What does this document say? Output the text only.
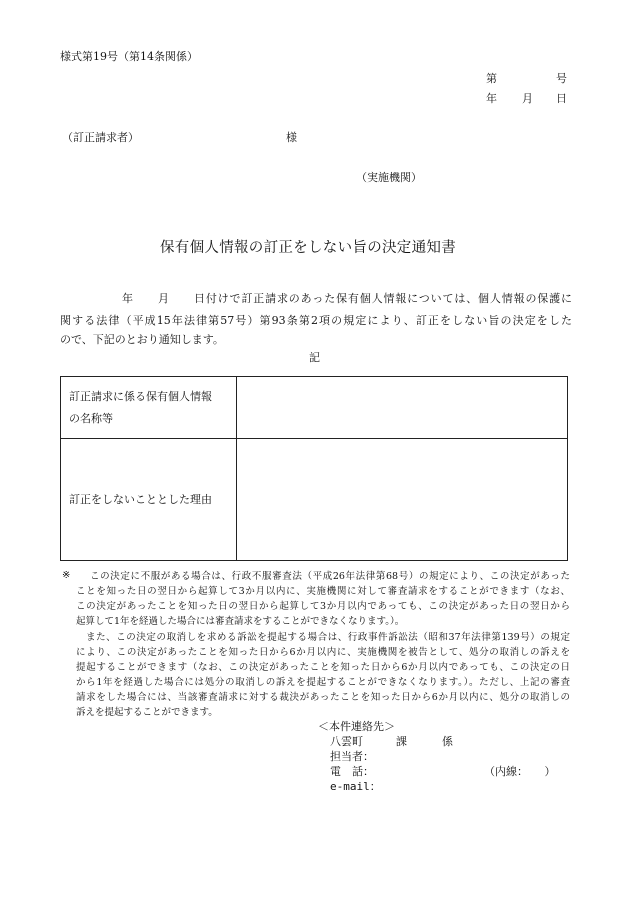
様式第19号（第14条関係）
第	号
年 月 日
（訂正請求者）	様
（実施機関）
保有個人情報の訂正をしない旨の決定通知書
年 月 日付けで訂正請求のあった保有個人情報については、個人情報の保護に
関する法律（平成15年法律第57号）第93条第2項の規定により、訂正をしない旨の決定をした
ので、下記のとおり通知します。
記
訂正請求に係る保有個人情報
の名称等	

訂正をしないこととした理由	
※ この決定に不服がある場合は、行政不服審査法（平成26年法律第68号）の規定により、この決定があった
ことを知った日の翌日から起算して3か月以内に、実施機関に対して審査請求をすることができます（なお、
この決定があったことを知った日の翌日から起算して3か月以内であっても、この決定があった日の翌日から
起算して1年を経過した場合には審査請求をすることができなくなります。）。
また、この決定の取消しを求める訴訟を提起する場合は、行政事件訴訟法（昭和37年法律第139号）の規定
により、この決定があったことを知った日から6か月以内に、実施機関を被告として、処分の取消しの訴えを
提起することができます（なお、この決定があったことを知った日から6か月以内であっても、この決定の日
から1年を経過した場合には処分の取消しの訴えを提起することができなくなります。）。ただし、上記の審査
請求をした場合には、当該審査請求に対する裁決があったことを知った日から6か月以内に、処分の取消しの
訴えを提起することができます。
＜本件連絡先＞
八雲町	課	係
担当者：
電　話：	（内線：　　）
e-mail：
